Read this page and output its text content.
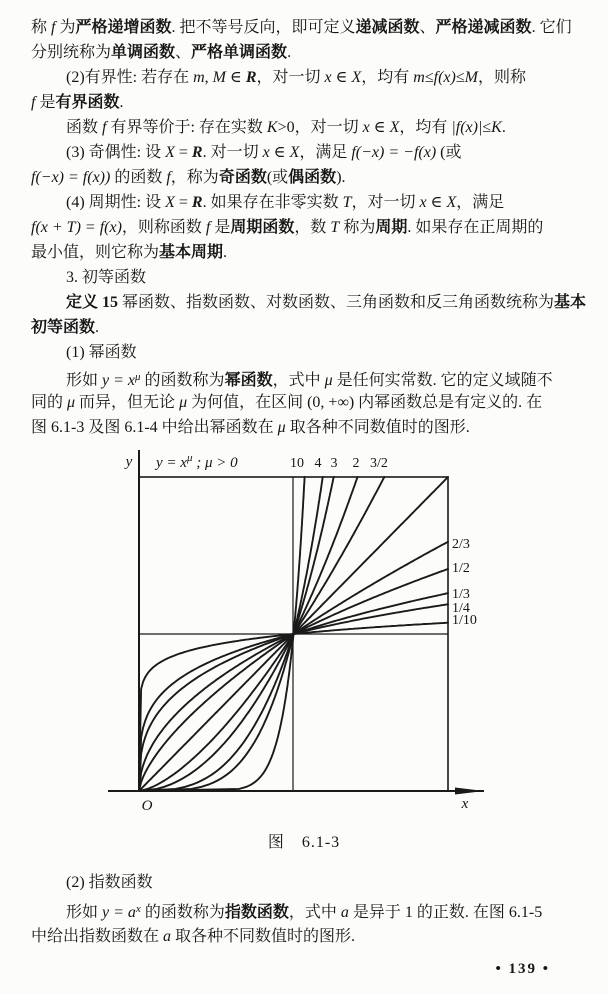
称 f 为严格递增函数. 把不等号反向，即可定义递减函数、严格递减函数. 它们
分别统称为单调函数、严格单调函数.
(2)有界性: 若存在 m, M ∈ R，对一切 x ∈ X，均有 m≤f(x)≤M，则称
f 是有界函数.
函数 f 有界等价于: 存在实数 K>0，对一切 x ∈ X，均有 |f(x)|≤K.
(3) 奇偶性: 设 X = R. 对一切 x ∈ X，满足 f(−x) = −f(x) (或
f(−x) = f(x)) 的函数 f，称为奇函数(或偶函数).
(4) 周期性: 设 X = R. 如果存在非零实数 T，对一切 x ∈ X，满足
f(x + T) = f(x)，则称函数 f 是周期函数，数 T 称为周期. 如果存在正周期的
最小值，则它称为基本周期.
3. 初等函数
定义 15 幂函数、指数函数、对数函数、三角函数和反三角函数统称为基本
初等函数.
(1) 幂函数
形如 $y = x^\mu$ 的函数称为幂函数，式中 μ 是任何实常数. 它的定义域随不
同的 μ 而异，但无论 μ 为何值，在区间 (0, +∞) 内幂函数总是有定义的. 在
图 6.1-3 及图 6.1-4 中给出幂函数在 μ 取各种不同数值时的图形.
10 4 3 2 3/2
2/3
1/2
1/3
1/4
1/10
y
x
O
$y = x^\mu$ ; μ > 0
图　6.1-3
(2) 指数函数
形如 $y = a^x$ 的函数称为指数函数，式中 a 是异于 1 的正数. 在图 6.1-5
中给出指数函数在 a 取各种不同数值时的图形.
• 139 •
